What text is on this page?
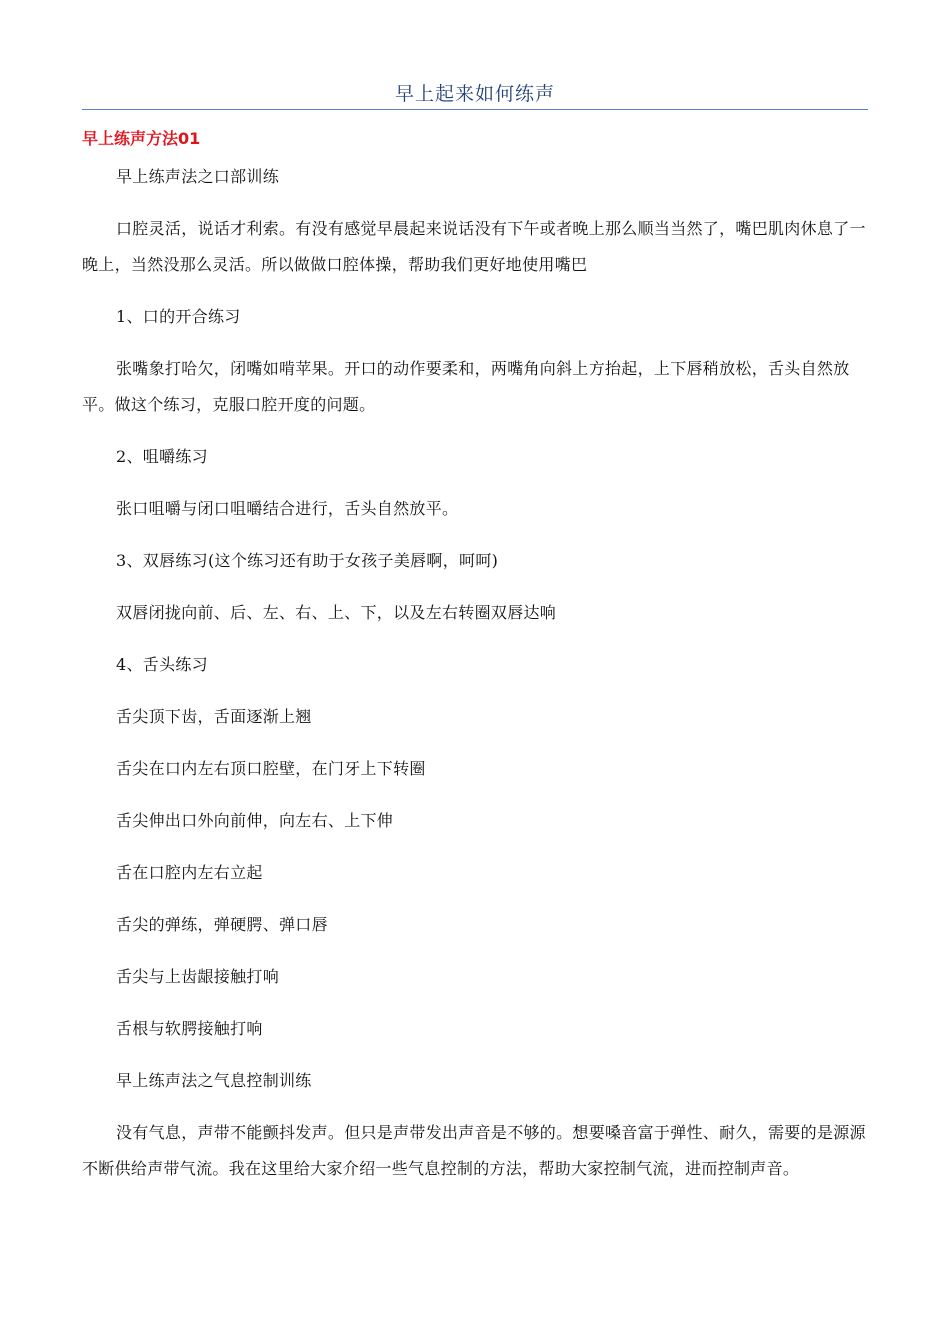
早上起来如何练声
早上练声方法01

早上练声法之口部训练

口腔灵活，说话才利索。有没有感觉早晨起来说话没有下午或者晚上那么顺当当然了，嘴巴肌肉休息了一晚上，当然没那么灵活。所以做做口腔体操，帮助我们更好地使用嘴巴

1、口的开合练习

张嘴象打哈欠，闭嘴如啃苹果。开口的动作要柔和，两嘴角向斜上方抬起，上下唇稍放松，舌头自然放平。做这个练习，克服口腔开度的问题。

2、咀嚼练习

张口咀嚼与闭口咀嚼结合进行，舌头自然放平。

3、双唇练习(这个练习还有助于女孩子美唇啊，呵呵)

双唇闭拢向前、后、左、右、上、下，以及左右转圈双唇达响

4、舌头练习

舌尖顶下齿，舌面逐渐上翘

舌尖在口内左右顶口腔壁，在门牙上下转圈

舌尖伸出口外向前伸，向左右、上下伸

舌在口腔内左右立起

舌尖的弹练，弹硬腭、弹口唇

舌尖与上齿龈接触打响

舌根与软腭接触打响

早上练声法之气息控制训练

没有气息，声带不能颤抖发声。但只是声带发出声音是不够的。想要嗓音富于弹性、耐久，需要的是源源不断供给声带气流。我在这里给大家介绍一些气息控制的方法，帮助大家控制气流，进而控制声音。
